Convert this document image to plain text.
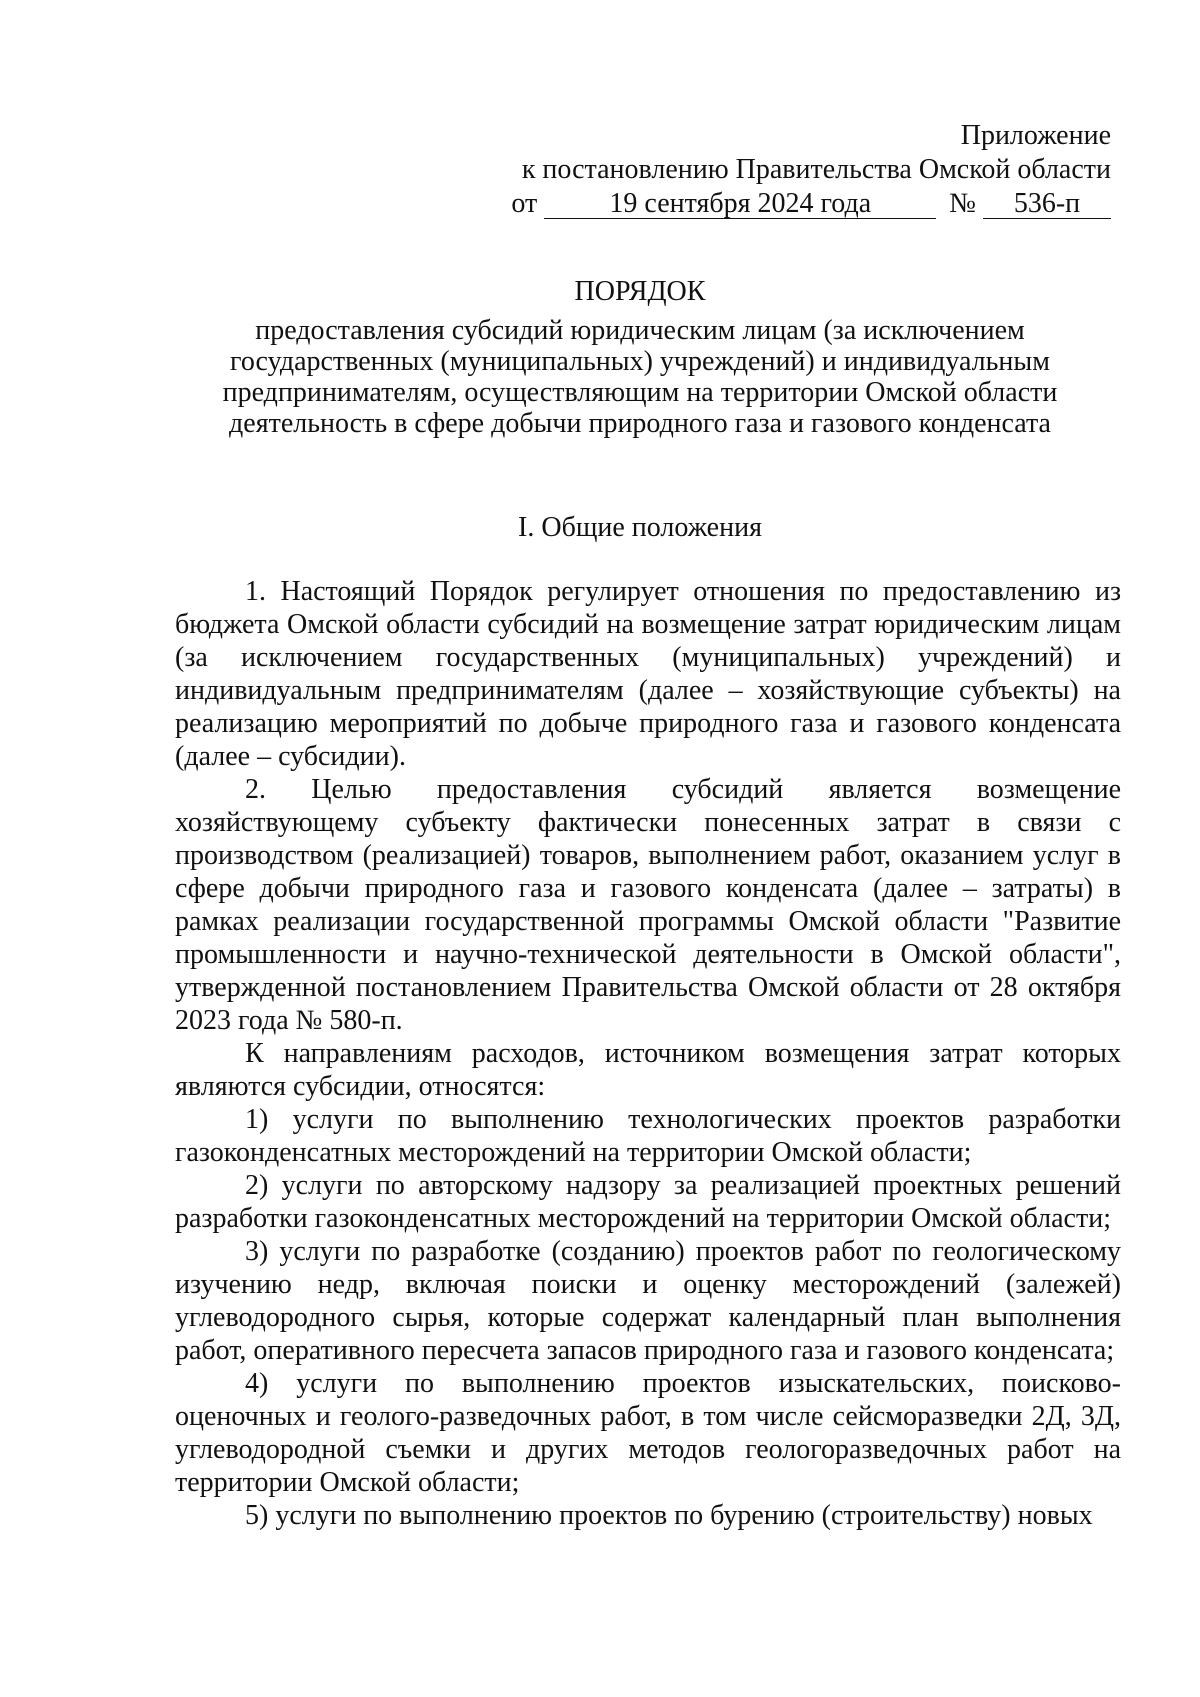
Приложение
к постановлению Правительства Омской области
от	19 сентября 2024 года	№ 536-п
ПОРЯДОК
предоставления субсидий юридическим лицам (за исключением
государственных (муниципальных) учреждений) и индивидуальным
предпринимателям, осуществляющим на территории Омской области
деятельность в сфере добычи природного газа и газового конденсата
I. Общие положения

1. Настоящий Порядок регулирует отношения по предоставлению из бюджета Омской области субсидий на возмещение затрат юридическим лицам (за исключением государственных (муниципальных) учреждений) и индивидуальным предпринимателям (далее – хозяйствующие субъекты) на реализацию мероприятий по добыче природного газа и газового конденсата (далее – субсидии).

2. Целью предоставления субсидий является возмещение хозяйствующему субъекту фактически понесенных затрат в связи с производством (реализацией) товаров, выполнением работ, оказанием услуг в сфере добычи природного газа и газового конденсата (далее – затраты) в рамках реализации государственной программы Омской области "Развитие промышленности и научно-технической деятельности в Омской области", утвержденной постановлением Правительства Омской области от 28 октября 2023 года № 580-п.

К направлениям расходов, источником возмещения затрат которых являются субсидии, относятся:

1) услуги по выполнению технологических проектов разработки газоконденсатных месторождений на территории Омской области;

2) услуги по авторскому надзору за реализацией проектных решений разработки газоконденсатных месторождений на территории Омской области;

3) услуги по разработке (созданию) проектов работ по геологическому изучению недр, включая поиски и оценку месторождений (залежей) углеводородного сырья, которые содержат календарный план выполнения работ, оперативного пересчета запасов природного газа и газового конденсата;

4) услуги по выполнению проектов изыскательских, поисково-оценочных и геолого-разведочных работ, в том числе сейсморазведки 2Д, 3Д, углеводородной съемки и других методов геологоразведочных работ на территории Омской области;

5) услуги по выполнению проектов по бурению (строительству) новых
